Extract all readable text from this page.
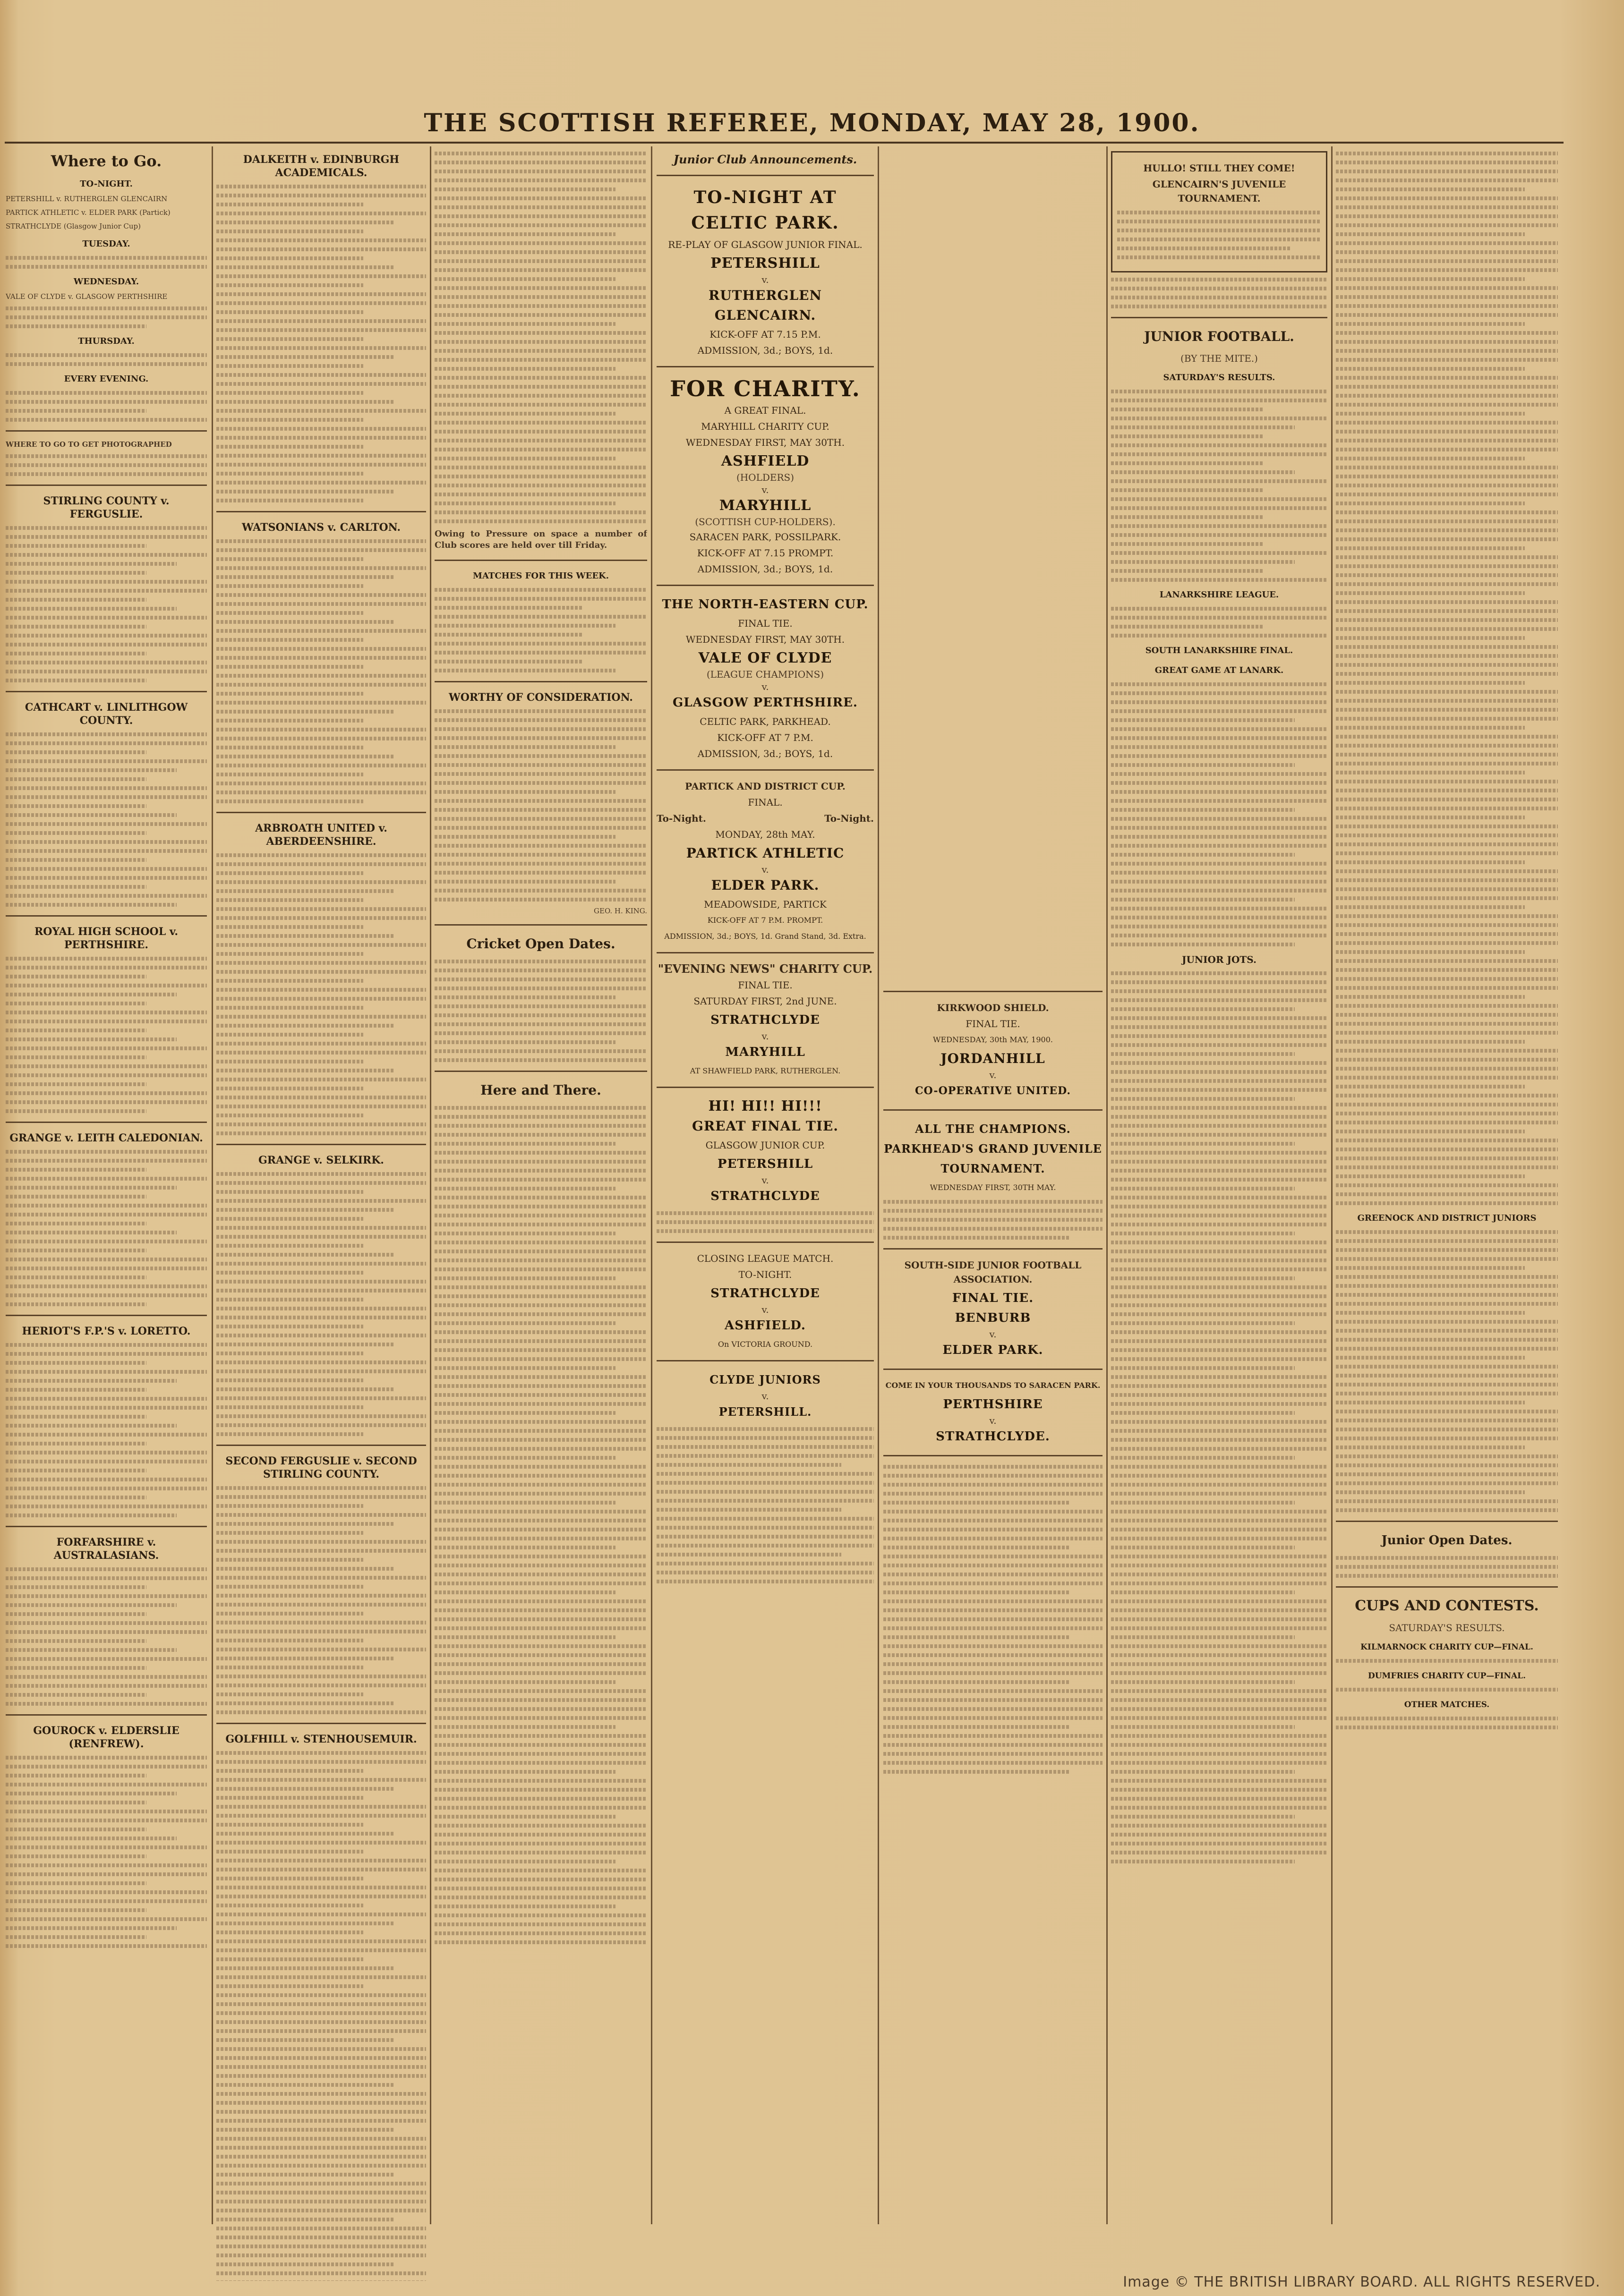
THE SCOTTISH REFEREE, MONDAY, MAY 28, 1900.
Where to Go.
TO-NIGHT.
PETERSHILL v. RUTHERGLEN GLENCAIRN
PARTICK ATHLETIC v. ELDER PARK (Partick)
STRATHCLYDE (Glasgow Junior Cup)
TUESDAY.
WEDNESDAY.
VALE OF CLYDE v. GLASGOW PERTHSHIRE
THURSDAY.
EVERY EVENING.
WHERE TO GO TO GET PHOTOGRAPHED
STIRLING COUNTY v. FERGUSLIE.
CATHCART v. LINLITHGOW COUNTY.
ROYAL HIGH SCHOOL v. PERTHSHIRE.
GRANGE v. LEITH CALEDONIAN.
HERIOT'S F.P.'S v. LORETTO.
FORFARSHIRE v. AUSTRALASIANS.
GOUROCK v. ELDERSLIE (RENFREW).
DALKEITH v. EDINBURGH ACADEMICALS.
WATSONIANS v. CARLTON.
ARBROATH UNITED v. ABERDEENSHIRE.
GRANGE v. SELKIRK.
SECOND FERGUSLIE v. SECOND STIRLING COUNTY.
GOLFHILL v. STENHOUSEMUIR.
Owing to Pressure on space a number of Club scores are held over till Friday.
MATCHES FOR THIS WEEK.
WORTHY OF CONSIDERATION.
GEO. H. KING.
Cricket Open Dates.
Here and There.
Junior Club Announcements.
TO-NIGHT AT CELTIC PARK.
RE-PLAY OF GLASGOW JUNIOR FINAL.
PETERSHILL
v.
RUTHERGLEN GLENCAIRN.
KICK-OFF AT 7.15 P.M.
ADMISSION, 3d.; BOYS, 1d.
FOR CHARITY.
A GREAT FINAL.
MARYHILL CHARITY CUP.
WEDNESDAY FIRST, MAY 30TH.
ASHFIELD
(HOLDERS)
v.
MARYHILL
(SCOTTISH CUP-HOLDERS).
SARACEN PARK, POSSILPARK.
KICK-OFF AT 7.15 PROMPT.
ADMISSION, 3d.; BOYS, 1d.
THE NORTH-EASTERN CUP.
FINAL TIE.
WEDNESDAY FIRST, MAY 30TH.
VALE OF CLYDE
(LEAGUE CHAMPIONS)
v.
GLASGOW PERTHSHIRE.
CELTIC PARK, PARKHEAD.
KICK-OFF AT 7 P.M.
ADMISSION, 3d.; BOYS, 1d.
PARTICK AND DISTRICT CUP.
FINAL.
To-Night.	To-Night.
MONDAY, 28th MAY.
PARTICK ATHLETIC
v.
ELDER PARK.
MEADOWSIDE, PARTICK
KICK-OFF AT 7 P.M. PROMPT.
ADMISSION, 3d.; BOYS, 1d. Grand Stand, 3d. Extra.
"EVENING NEWS" CHARITY CUP.
FINAL TIE.
SATURDAY FIRST, 2nd JUNE.
STRATHCLYDE
v.
MARYHILL
AT SHAWFIELD PARK, RUTHERGLEN.
HI! HI!! HI!!!
GREAT FINAL TIE.
GLASGOW JUNIOR CUP.
PETERSHILL
v.
STRATHCLYDE
CLOSING LEAGUE MATCH.
TO-NIGHT.
STRATHCLYDE
v.
ASHFIELD.
On VICTORIA GROUND.
CLYDE JUNIORS
v.
PETERSHILL.
KIRKWOOD SHIELD.
FINAL TIE.
WEDNESDAY, 30th MAY, 1900.
JORDANHILL
v.
CO-OPERATIVE UNITED.
ALL THE CHAMPIONS.
PARKHEAD'S GRAND JUVENILE TOURNAMENT.
WEDNESDAY FIRST, 30TH MAY.
SOUTH-SIDE JUNIOR FOOTBALL ASSOCIATION.
FINAL TIE.
BENBURB
v.
ELDER PARK.
COME IN YOUR THOUSANDS TO SARACEN PARK.
PERTHSHIRE
v.
STRATHCLYDE.
HULLO! STILL THEY COME!
GLENCAIRN'S JUVENILE TOURNAMENT.
JUNIOR FOOTBALL.
(BY THE MITE.)
SATURDAY'S RESULTS.
LANARKSHIRE LEAGUE.
SOUTH LANARKSHIRE FINAL.
GREAT GAME AT LANARK.
JUNIOR JOTS.
GREENOCK AND DISTRICT JUNIORS
Junior Open Dates.
CUPS AND CONTESTS.
SATURDAY'S RESULTS.
KILMARNOCK CHARITY CUP—FINAL.
DUMFRIES CHARITY CUP—FINAL.
OTHER MATCHES.
Image © THE BRITISH LIBRARY BOARD. ALL RIGHTS RESERVED.
